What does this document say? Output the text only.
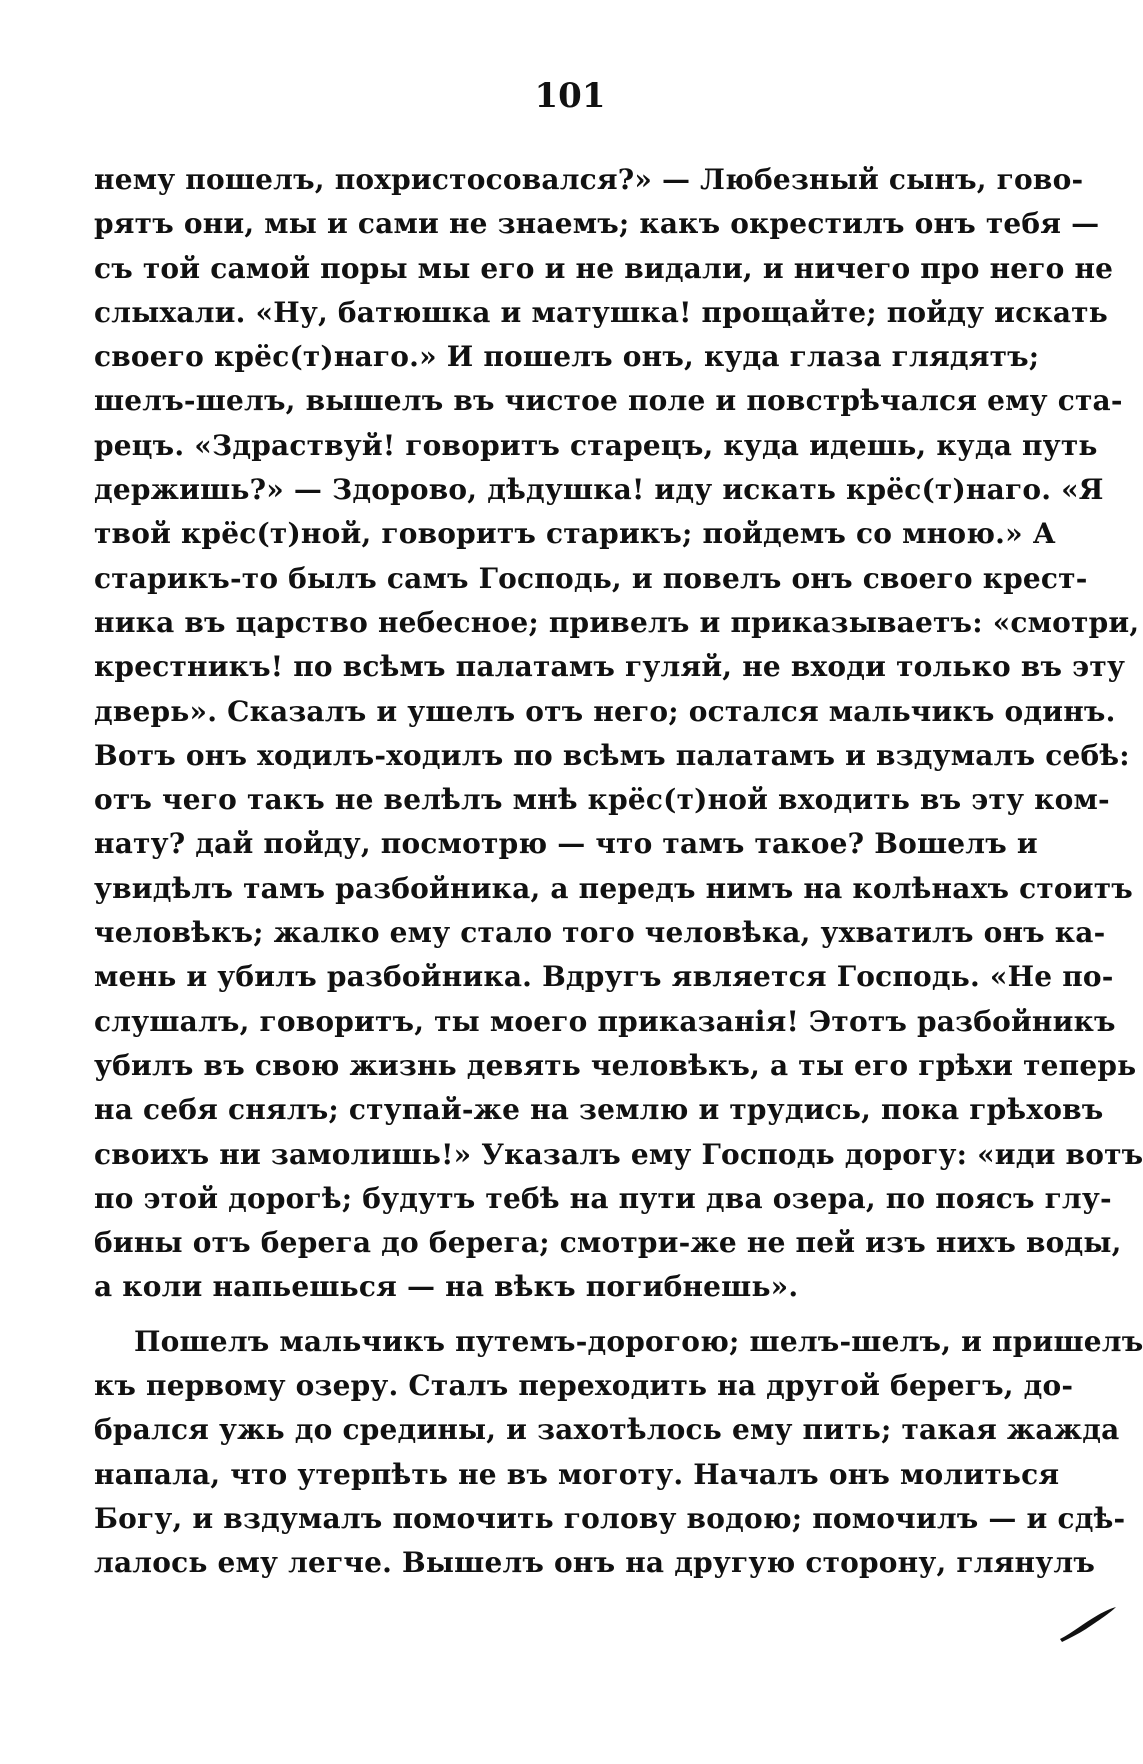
101
нему пошелъ, похристосовался?» — Любезный сынъ, гово-
рятъ они, мы и сами не знаемъ; какъ окрестилъ онъ тебя —
съ той самой поры мы его и не видали, и ничего про него не
слыхали. «Ну, батюшка и матушка! прощайте; пойду искать
своего крёс(т)наго.» И пошелъ онъ, куда глаза глядятъ;
шелъ-шелъ, вышелъ въ чистое поле и повстрѣчался ему ста-
рецъ. «Здраствуй! говоритъ старецъ, куда идешь, куда путь
держишь?» — Здорово, дѣдушка! иду искать крёс(т)наго. «Я
твой крёс(т)ной, говоритъ старикъ; пойдемъ со мною.» А
старикъ-то былъ самъ Господь, и повелъ онъ своего крест-
ника въ царство небесное; привелъ и приказываетъ: «смотри,
крестникъ! по всѣмъ палатамъ гуляй, не входи только въ эту
дверь». Сказалъ и ушелъ отъ него; остался мальчикъ одинъ.
Вотъ онъ ходилъ-ходилъ по всѣмъ палатамъ и вздумалъ себѣ:
отъ чего такъ не велѣлъ мнѣ крёс(т)ной входить въ эту ком-
нату? дай пойду, посмотрю — что тамъ такое? Вошелъ и
увидѣлъ тамъ разбойника, а передъ нимъ на колѣнахъ стоитъ
человѣкъ; жалко ему стало того человѣка, ухватилъ онъ ка-
мень и убилъ разбойника. Вдругъ является Господь. «Не по-
слушалъ, говоритъ, ты моего приказанія! Этотъ разбойникъ
убилъ въ свою жизнь девять человѣкъ, а ты его грѣхи теперь
на себя снялъ; ступай-же на землю и трудись, пока грѣховъ
своихъ ни замолишь!» Указалъ ему Господь дорогу: «иди вотъ
по этой дорогѣ; будутъ тебѣ на пути два озера, по поясъ глу-
бины отъ берега до берега; смотри-же не пей изъ нихъ воды,
а коли напьешься — на вѣкъ погибнешь».
Пошелъ мальчикъ путемъ-дорогою; шелъ-шелъ, и пришелъ
къ первому озеру. Сталъ переходить на другой берегъ, до-
брался ужь до средины, и захотѣлось ему пить; такая жажда
напала, что утерпѣть не въ моготу. Началъ онъ молиться
Богу, и вздумалъ помочить голову водою; помочилъ — и сдѣ-
лалось ему легче. Вышелъ онъ на другую сторону, глянулъ
